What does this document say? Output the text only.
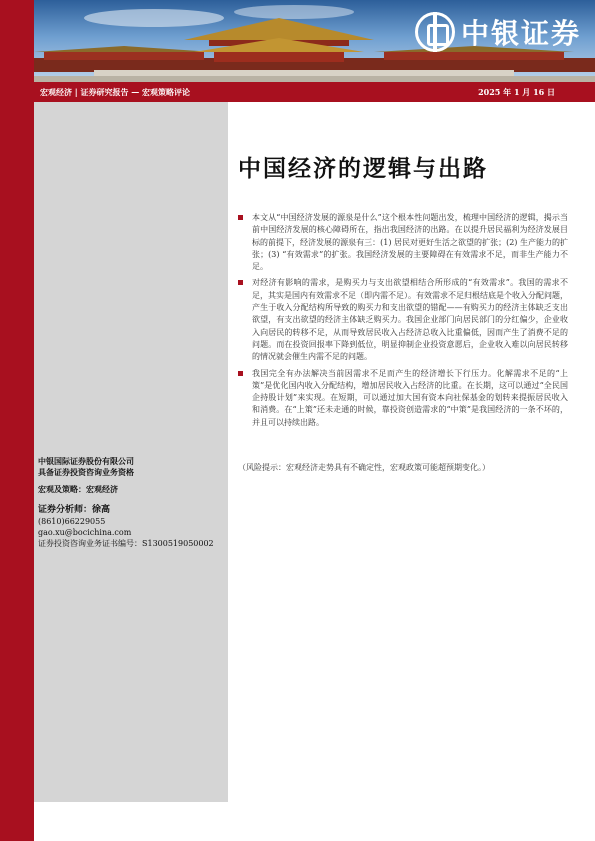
中银证券
宏观经济 | 证券研究报告 — 宏观策略评论	2025 年 1 月 16 日
中银国际证券股份有限公司
具备证券投资咨询业务资格
宏观及策略：宏观经济
证券分析师：徐高
(8610)66229055
gao.xu@bocichina.com
证券投资咨询业务证书编号：S1300519050002
中国经济的逻辑与出路
本文从“中国经济发展的源泉是什么”这个根本性问题出发，梳理中国经济的逻辑，揭示当前中国经济发展的核心障碍所在，指出我国经济的出路。在以提升居民福利为经济发展目标的前提下，经济发展的源泉有三：(1) 居民对更好生活之欲望的扩张；(2) 生产能力的扩张；(3) “有效需求”的扩张。我国经济发展的主要障碍在有效需求不足，而非生产能力不足。
对经济有影响的需求，是购买力与支出欲望相结合所形成的“有效需求”。我国的需求不足，其实是国内有效需求不足（即内需不足）。有效需求不足归根结底是个收入分配问题，产生于收入分配结构所导致的购买力和支出欲望的错配——有购买力的经济主体缺乏支出欲望，有支出欲望的经济主体缺乏购买力。我国企业部门向居民部门的分红偏少，企业收入向居民的转移不足，从而导致居民收入占经济总收入比重偏低，因而产生了消费不足的问题。而在投资回报率下降到低位，明显抑制企业投资意愿后，企业收入难以向居民转移的情况就会催生内需不足的问题。
我国完全有办法解决当前因需求不足而产生的经济增长下行压力。化解需求不足的“上策”是优化国内收入分配结构，增加居民收入占经济的比重。在长期，这可以通过“全民国企持股计划”来实现。在短期，可以通过加大国有资本向社保基金的划转来提振居民收入和消费。在“上策”还未走通的时候，靠投资创造需求的“中策”是我国经济的一条不坏的，并且可以持续出路。
（风险提示：宏观经济走势具有不确定性，宏观政策可能超预期变化。）
